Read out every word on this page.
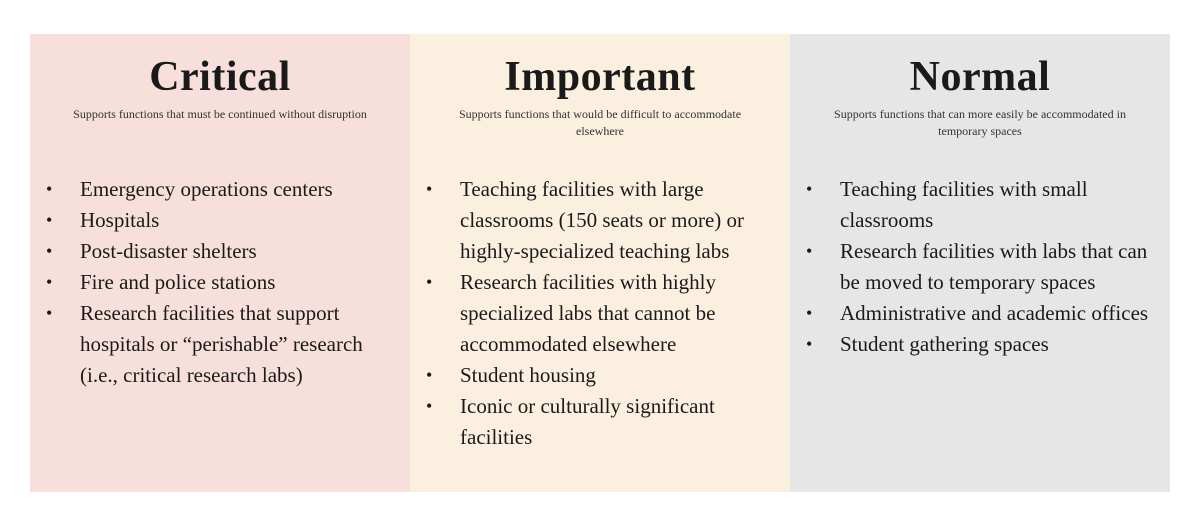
Critical

Supports functions that must be continued without disruption

• Emergency operations centers
• Hospitals
• Post-disaster shelters
• Fire and police stations
• Research facilities that support hospitals or “perishable” research (i.e., critical research labs)
Important

Supports functions that would be difficult to accommodate elsewhere

• Teaching facilities with large classrooms (150 seats or more) or highly-specialized teaching labs
• Research facilities with highly specialized labs that cannot be accommodated elsewhere
• Student housing
• Iconic or culturally significant facilities
Normal

Supports functions that can more easily be accommodated in temporary spaces

• Teaching facilities with small classrooms
• Research facilities with labs that can be moved to temporary spaces
• Administrative and academic offices
• Student gathering spaces
